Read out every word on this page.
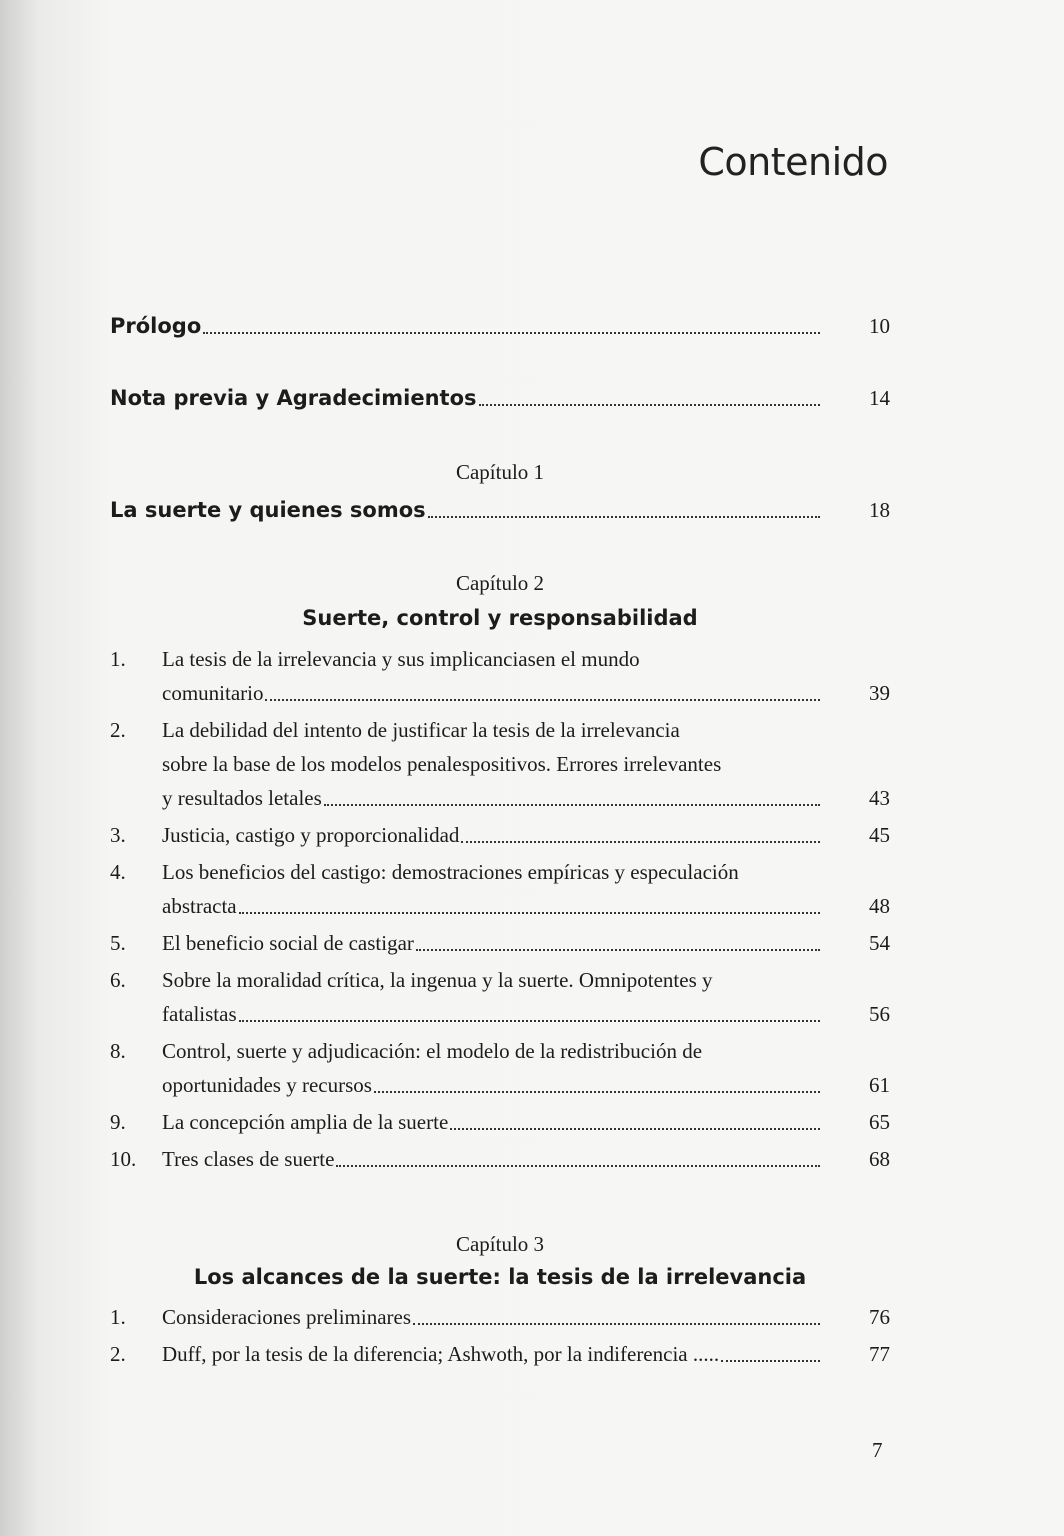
Contenido
Prólogo	10
Nota previa y Agradecimientos	14
Capítulo 1
La suerte y quienes somos	18
Capítulo 2
Suerte, control y responsabilidad
1.	La tesis de la irrelevancia y sus implicanciasen el mundo
comunitario	39
2.	La debilidad del intento de justificar la tesis de la irrelevancia
sobre la base de los modelos penalespositivos. Errores irrelevantes
y resultados letales	43
3.	Justicia, castigo y proporcionalidad	45
4.	Los beneficios del castigo: demostraciones empíricas y especulación
abstracta	48
5.	El beneficio social de castigar	54
6.	Sobre la moralidad crítica, la ingenua y la suerte. Omnipotentes y
fatalistas	56
8.	Control, suerte y adjudicación: el modelo de la redistribución de
oportunidades y recursos	61
9.	La concepción amplia de la suerte	65
10.	Tres clases de suerte	68
Capítulo 3
Los alcances de la suerte: la tesis de la irrelevancia
1.	Consideraciones preliminares	76
2.	Duff, por la tesis de la diferencia; Ashwoth, por la indiferencia .....	77
7
